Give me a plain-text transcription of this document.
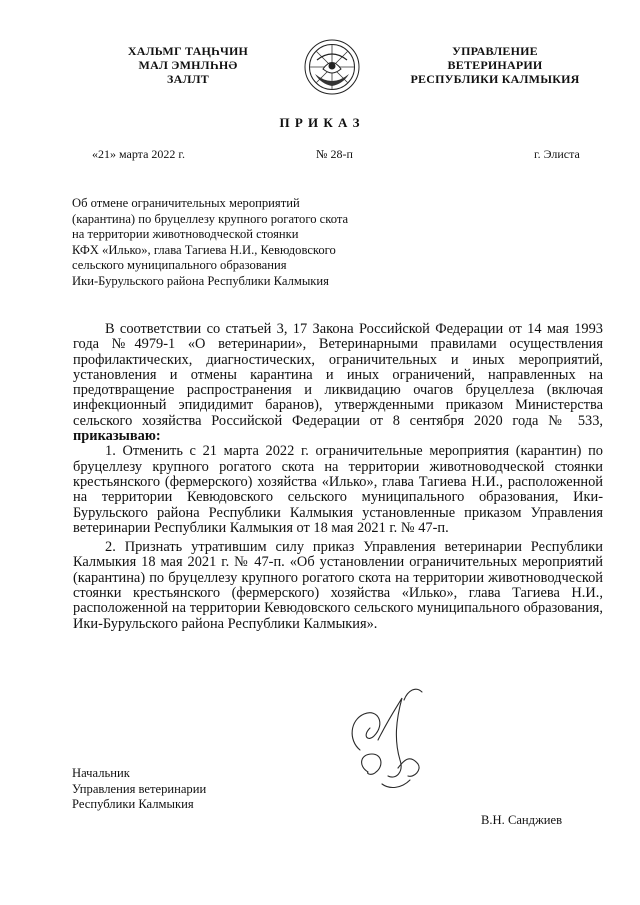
ХАЛЬМГ ТАҢҺЧИН
МАЛ ЭМНЛҺНӘ
ЗАЛЛТ
УПРАВЛЕНИЕ
ВЕТЕРИНАРИИ
РЕСПУБЛИКИ КАЛМЫКИЯ
П Р И К А З
«21» марта 2022 г.	№ 28-п	г. Элиста
Об отмене ограничительных мероприятий
(карантина) по бруцеллезу крупного рогатого скота
на территории животноводческой стоянки
КФХ «Илько», глава Тагиева Н.И., Кевюдовского
сельского муниципального образования
Ики-Бурульского района Республики Калмыкия

В соответствии со статьей 3, 17 Закона Российской Федерации от 14 мая 1993 года №4979-1 «О ветеринарии», Ветеринарными правилами осуществления профилактических, диагностических, ограничительных и иных мероприятий, установления и отмены карантина и иных ограничений, направленных на предотвращение распространения и ликвидацию очагов бруцеллеза (включая инфекционный эпидидимит баранов), утвержденными приказом Министерства сельского хозяйства Российской Федерации от 8 сентября 2020 года № 533, приказываю:

1. Отменить с 21 марта 2022 г. ограничительные мероприятия (карантин) по бруцеллезу крупного рогатого скота на территории животноводческой стоянки крестьянского (фермерского) хозяйства «Илько», глава Тагиева Н.И., расположенной на территории Кевюдовского сельского муниципального образования, Ики-Бурульского района Республики Калмыкия установленные приказом Управления ветеринарии Республики Калмыкия от 18 мая 2021 г. № 47-п.

2. Признать утратившим силу приказ Управления ветеринарии Республики Калмыкия 18 мая 2021 г. № 47-п. «Об установлении ограничительных мероприятий (карантина) по бруцеллезу крупного рогатого скота на территории животноводческой стоянки крестьянского (фермерского) хозяйства «Илько», глава Тагиева Н.И., расположенной на территории Кевюдовского сельского муниципального образования, Ики-Бурульского района Республики Калмыкия».

Начальник
Управления ветеринарии
Республики Калмыкия
В.Н. Санджиев
